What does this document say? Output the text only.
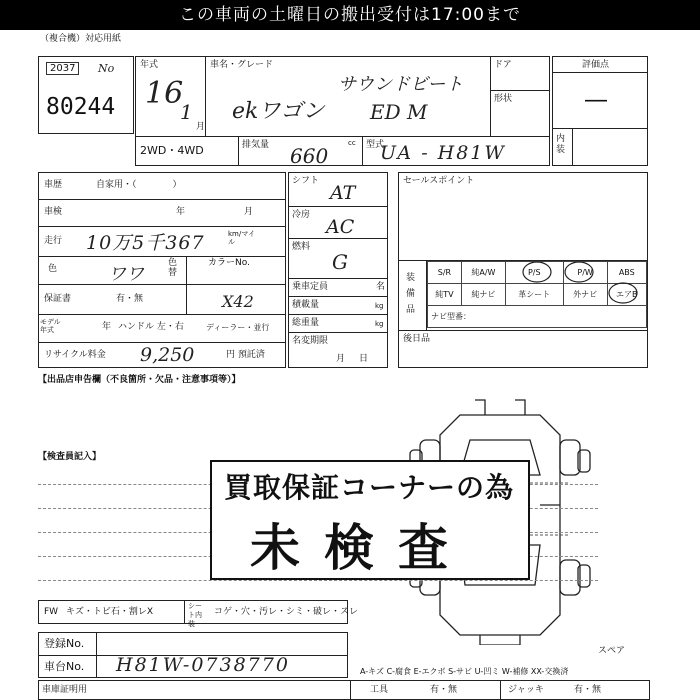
この車両の土曜日の搬出受付は17:00まで
（複合機）対応用紙
2037	No
80244
年式
16
1
月
車名・グレード
ekワゴン
サウンドビート
ED M
ドア
形状
2WD・4WD	排気量	cc
660	型式
UA - H81W
評価点
―
内装
車歴	自家用・（　　　　）
車検	年	月
走行 10万5千367	km/マイル
色	ワワ
色替
カラーNo.
保証書	有・無	X42
モデル年式	年 ハンドル 左・右	ディーラー・並行
リサイクル料金 9,250	円 預託済
シフト
AT
冷房
AC
燃料
G
乗車定員	名
積載量	kg
総重量	kg
名変期限
月日
セールスポイント
装備品
S/R	純A/W	P/S	P/W	ABS
純TV	純ナビ	革シート	外ナビ	エアB
ナビ型番：				
後日品
【出品店申告欄（不良箇所・欠品・注意事項等）】
【検査員記入】
買取保証コーナーの為
未検査
FW キズ・トビ石・割レX
シート内装
コゲ・穴・汚レ・シミ・破レ・スレ
スペア
登録No.
車台No. H81W-0738770	A-キズ C-腐食 E-エクボ S-サビ U-凹ミ W-補修 XX-交換済
車庫証明用	工具	有・無	ジャッキ	有・無
